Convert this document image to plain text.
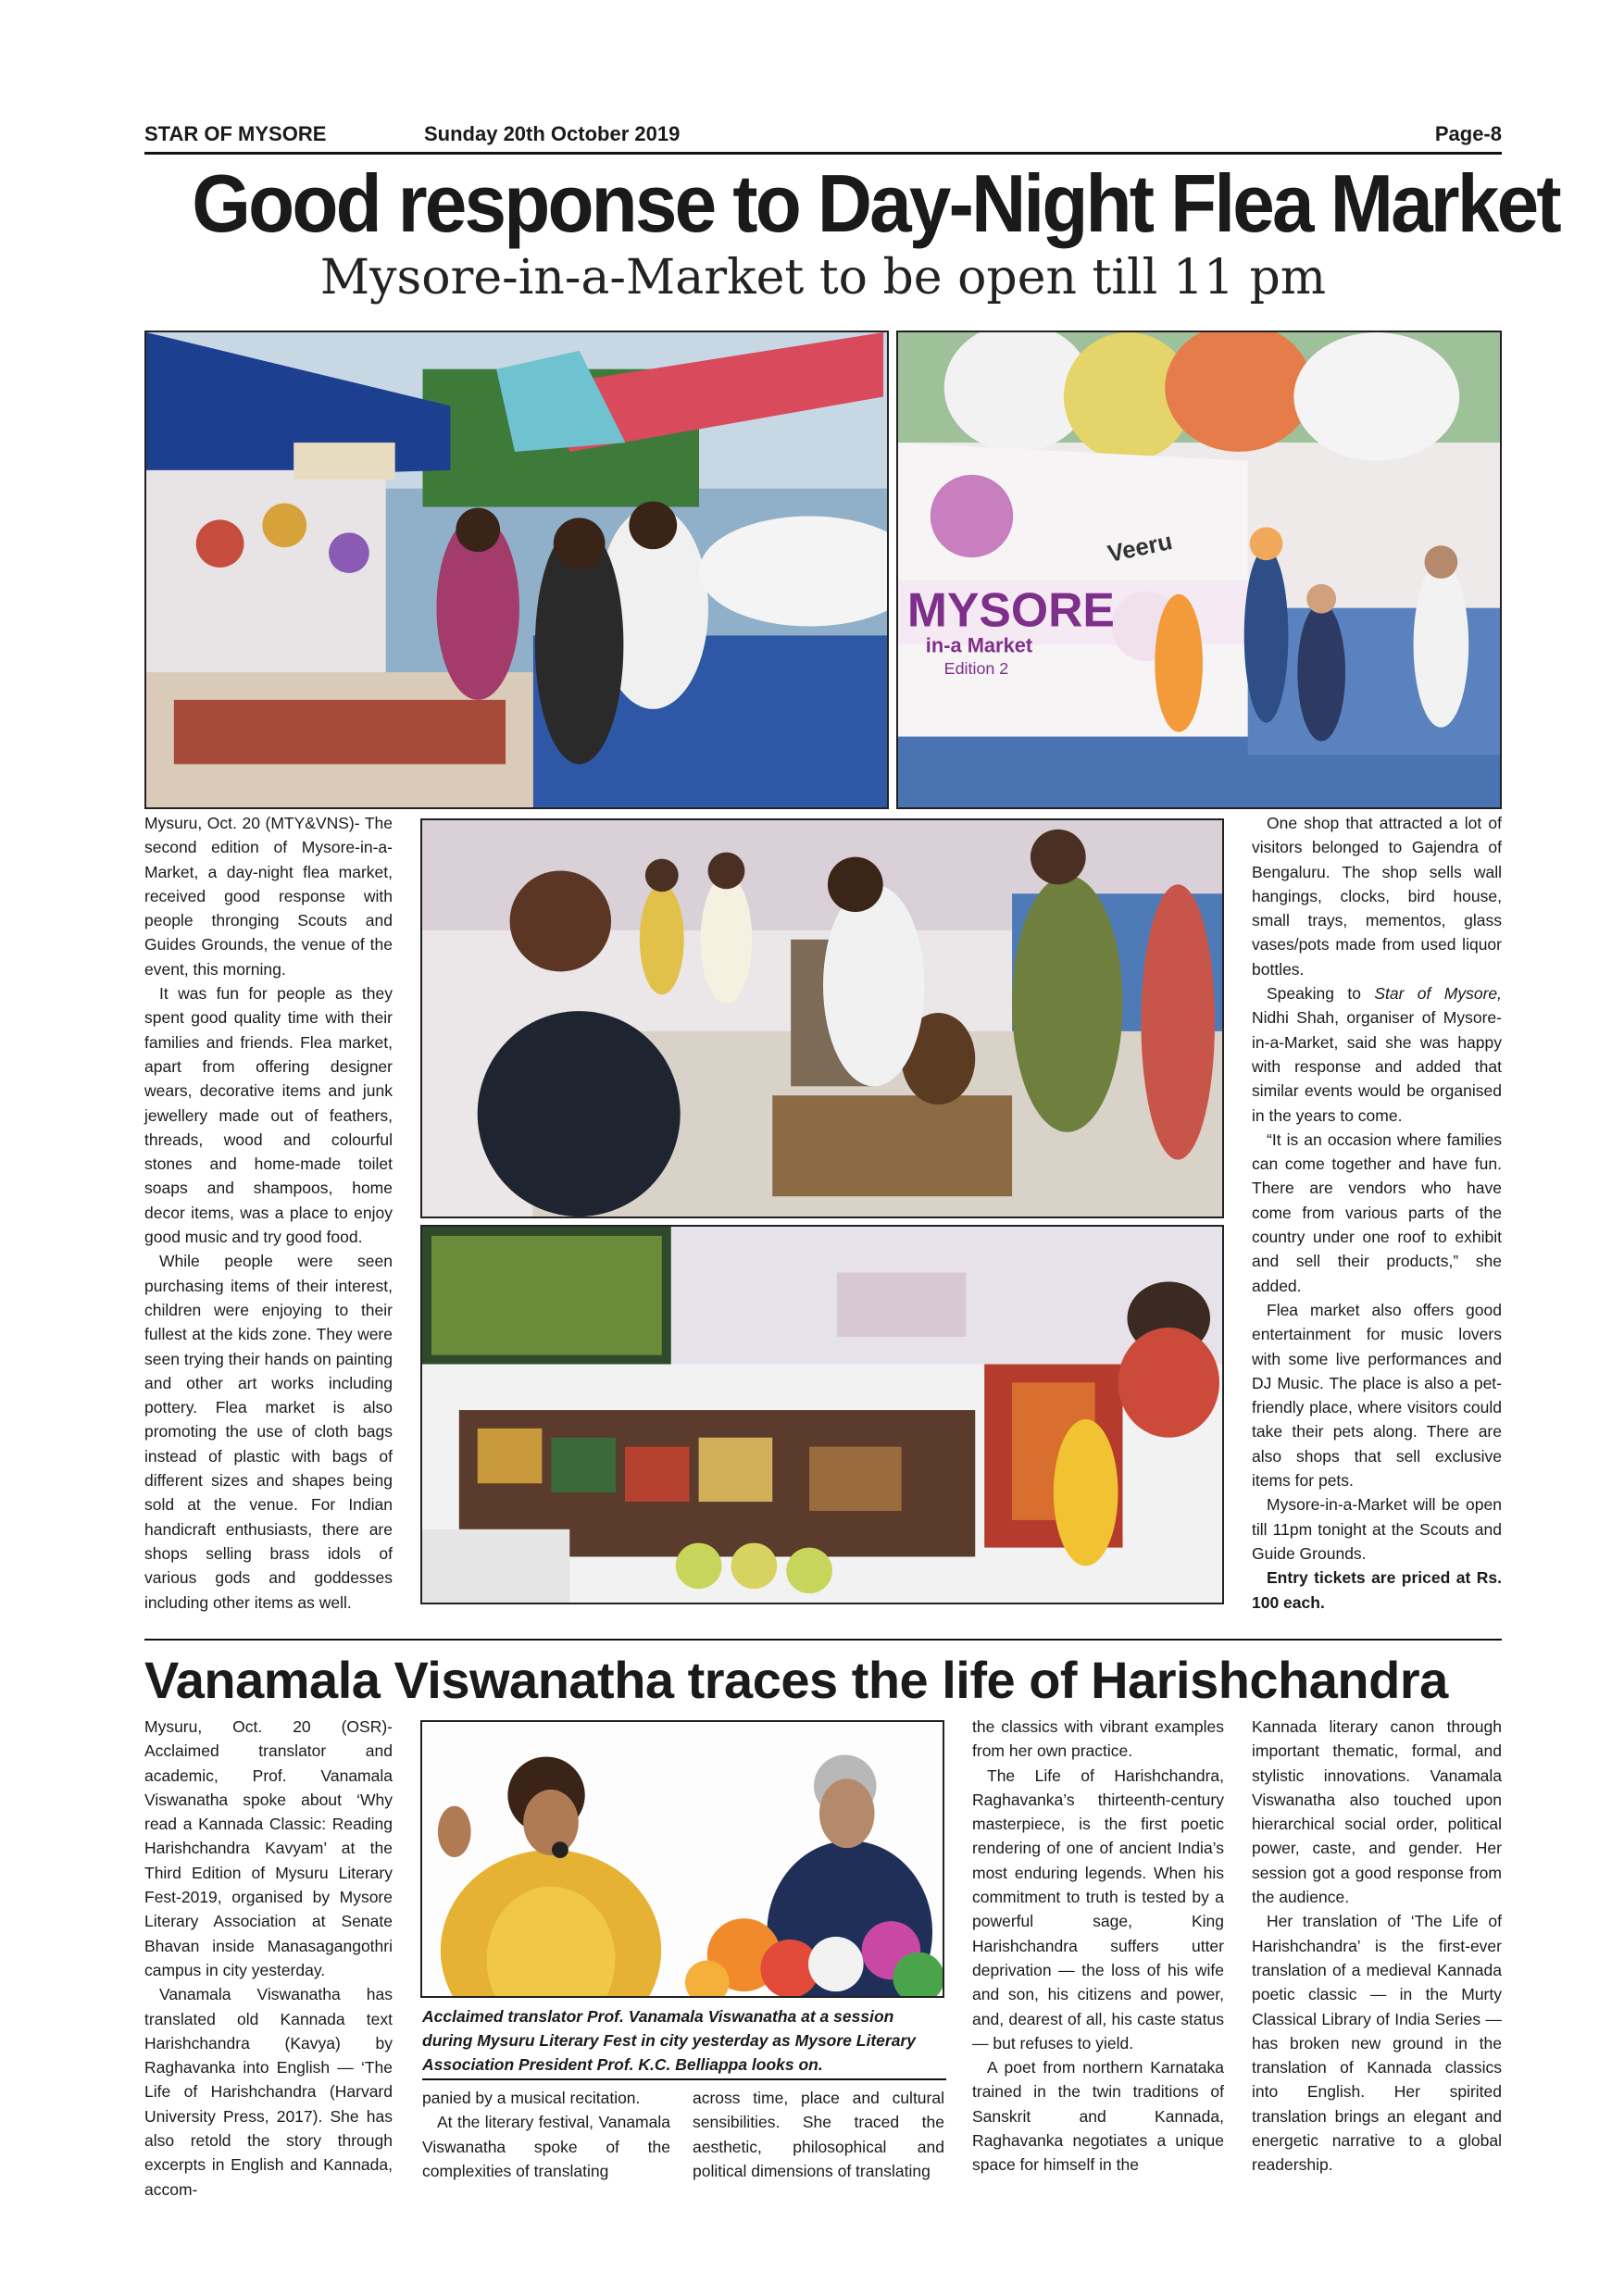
STAR OF MYSORE	Sunday 20th October 2019	Page-8
Good response to Day-Night Flea Market
Mysore-in-a-Market to be open till 11 pm
MYSORE
in-a Market
Edition 2
Veeru

Mysuru, Oct. 20 (MTY&VNS)- The second edition of Mysore-in-a-Market, a day-night flea market, received good response with people thronging Scouts and Guides Grounds, the venue of the event, this morning.

It was fun for people as they spent good quality time with their families and friends. Flea market, apart from offering designer wears, decorative items and junk jewellery made out of feathers, threads, wood and colourful stones and home-made toilet soaps and shampoos, home decor items, was a place to enjoy good music and try good food.

While people were seen purchasing items of their interest, children were enjoying to their fullest at the kids zone. They were seen trying their hands on painting and other art works including pottery. Flea market is also promoting the use of cloth bags instead of plastic with bags of different sizes and shapes being sold at the venue. For Indian handicraft enthusiasts, there are shops selling brass idols of various gods and goddesses including other items as well.

One shop that attracted a lot of visitors belonged to Gajendra of Bengaluru. The shop sells wall hangings, clocks, bird house, small trays, mementos, glass vases/pots made from used liquor bottles.

Speaking to Star of Mysore, Nidhi Shah, organiser of Mysore-in-a-Market, said she was happy with response and added that similar events would be organised in the years to come.

“It is an occasion where families can come together and have fun. There are vendors who have come from various parts of the country under one roof to exhibit and sell their products,” she added.

Flea market also offers good entertainment for music lovers with some live performances and DJ Music. The place is also a pet-friendly place, where visitors could take their pets along. There are also shops that sell exclusive items for pets.

Mysore-in-a-Market will be open till 11pm tonight at the Scouts and Guide Grounds.

Entry tickets are priced at Rs. 100 each.

Vanamala Viswanatha traces the life of Harishchandra

Mysuru, Oct. 20 (OSR)- Acclaimed translator and academic, Prof. Vanamala Viswanatha spoke about ‘Why read a Kannada Classic: Reading Harishchandra Kavyam’ at the Third Edition of Mysuru Literary Fest-2019, organised by Mysore Literary Association at Senate Bhavan inside Manasagangothri campus in city yesterday.

Vanamala Viswanatha has translated old Kannada text Harishchandra (Kavya) by Raghavanka into English — ‘The Life of Harishchandra (Harvard University Press, 2017). She has also retold the story through excerpts in English and Kannada, accom-

Acclaimed translator Prof. Vanamala Viswanatha at a session during Mysuru Literary Fest in city yesterday as Mysore Literary Association President Prof. K.C. Belliappa looks on.

panied by a musical recitation.

At the literary festival, Vanamala Viswanatha spoke of the complexities of translating

across time, place and cultural sensibilities. She traced the aesthetic, philosophical and political dimensions of translating

the classics with vibrant examples from her own practice.

The Life of Harishchandra, Raghavanka’s thirteenth-century masterpiece, is the first poetic rendering of one of ancient India’s most enduring legends. When his commitment to truth is tested by a powerful sage, King Harishchandra suffers utter deprivation — the loss of his wife and son, his citizens and power, and, dearest of all, his caste status — but refuses to yield.

A poet from northern Karnataka trained in the twin traditions of Sanskrit and Kannada, Raghavanka negotiates a unique space for himself in the

Kannada literary canon through important thematic, formal, and stylistic innovations. Vanamala Viswanatha also touched upon hierarchical social order, political power, caste, and gender. Her session got a good response from the audience.

Her translation of ‘The Life of Harishchandra’ is the first-ever translation of a medieval Kannada poetic classic — in the Murty Classical Library of India Series — has broken new ground in the translation of Kannada classics into English. Her spirited translation brings an elegant and energetic narrative to a global readership.
